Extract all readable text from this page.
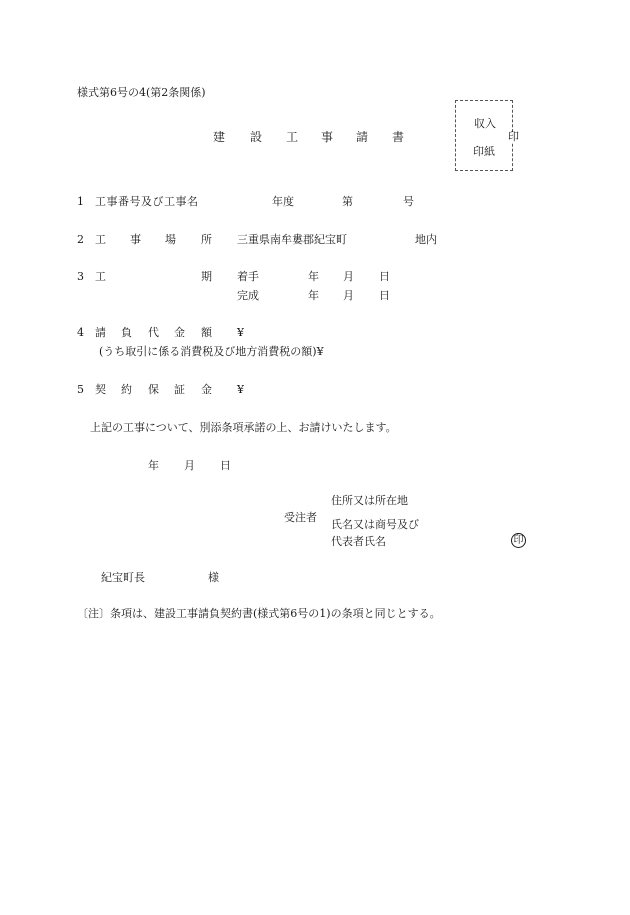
様式第6号の4(第2条関係)
建 設 工 事 請 書
収入
印紙
印
1 工事番号及び工事名	年度	第	号
2 工 事 場 所 三重県南牟婁郡紀宝町	地内
3 工	期 着手	年 月 日
完成	年 月 日
4 請 負 代 金 額 ¥
(うち取引に係る消費税及び地方消費税の額)¥
5 契 約 保 証 金 ¥
上記の工事について、別添条項承諾の上、お請けいたします。
年 月 日
住所又は所在地
受注者
氏名又は商号及び
代表者氏名	印
紀宝町長	様
〔注〕条項は、建設工事請負契約書(様式第6号の1)の条項と同じとする。
